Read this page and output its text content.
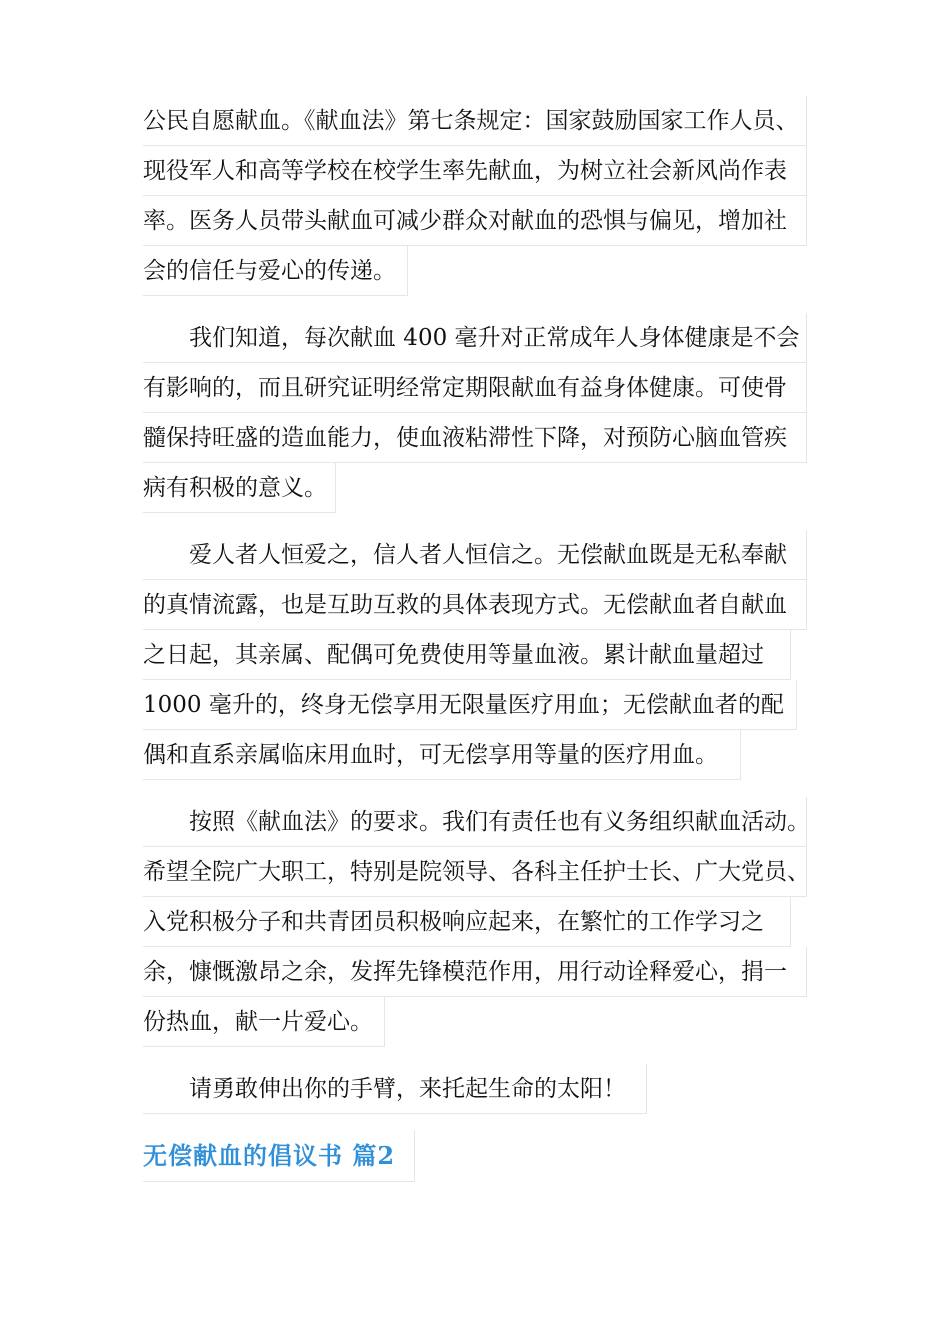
公民自愿献血。《献血法》第七条规定：国家鼓励国家工作人员、
现役军人和高等学校在校学生率先献血，为树立社会新风尚作表
率。医务人员带头献血可减少群众对献血的恐惧与偏见，增加社
会的信任与爱心的传递。
　　我们知道，每次献血 400 毫升对正常成年人身体健康是不会
有影响的，而且研究证明经常定期限献血有益身体健康。可使骨
髓保持旺盛的造血能力，使血液粘滞性下降，对预防心脑血管疾
病有积极的意义。
　　爱人者人恒爱之，信人者人恒信之。无偿献血既是无私奉献
的真情流露，也是互助互救的具体表现方式。无偿献血者自献血
之日起，其亲属、配偶可免费使用等量血液。累计献血量超过
1000 毫升的，终身无偿享用无限量医疗用血；无偿献血者的配
偶和直系亲属临床用血时，可无偿享用等量的医疗用血。
　　按照《献血法》的要求。我们有责任也有义务组织献血活动。
希望全院广大职工，特别是院领导、各科主任护士长、广大党员、
入党积极分子和共青团员积极响应起来，在繁忙的工作学习之
余，慷慨激昂之余，发挥先锋模范作用，用行动诠释爱心，捐一
份热血，献一片爱心。
　　请勇敢伸出你的手臂，来托起生命的太阳！
无偿献血的倡议书 篇2
